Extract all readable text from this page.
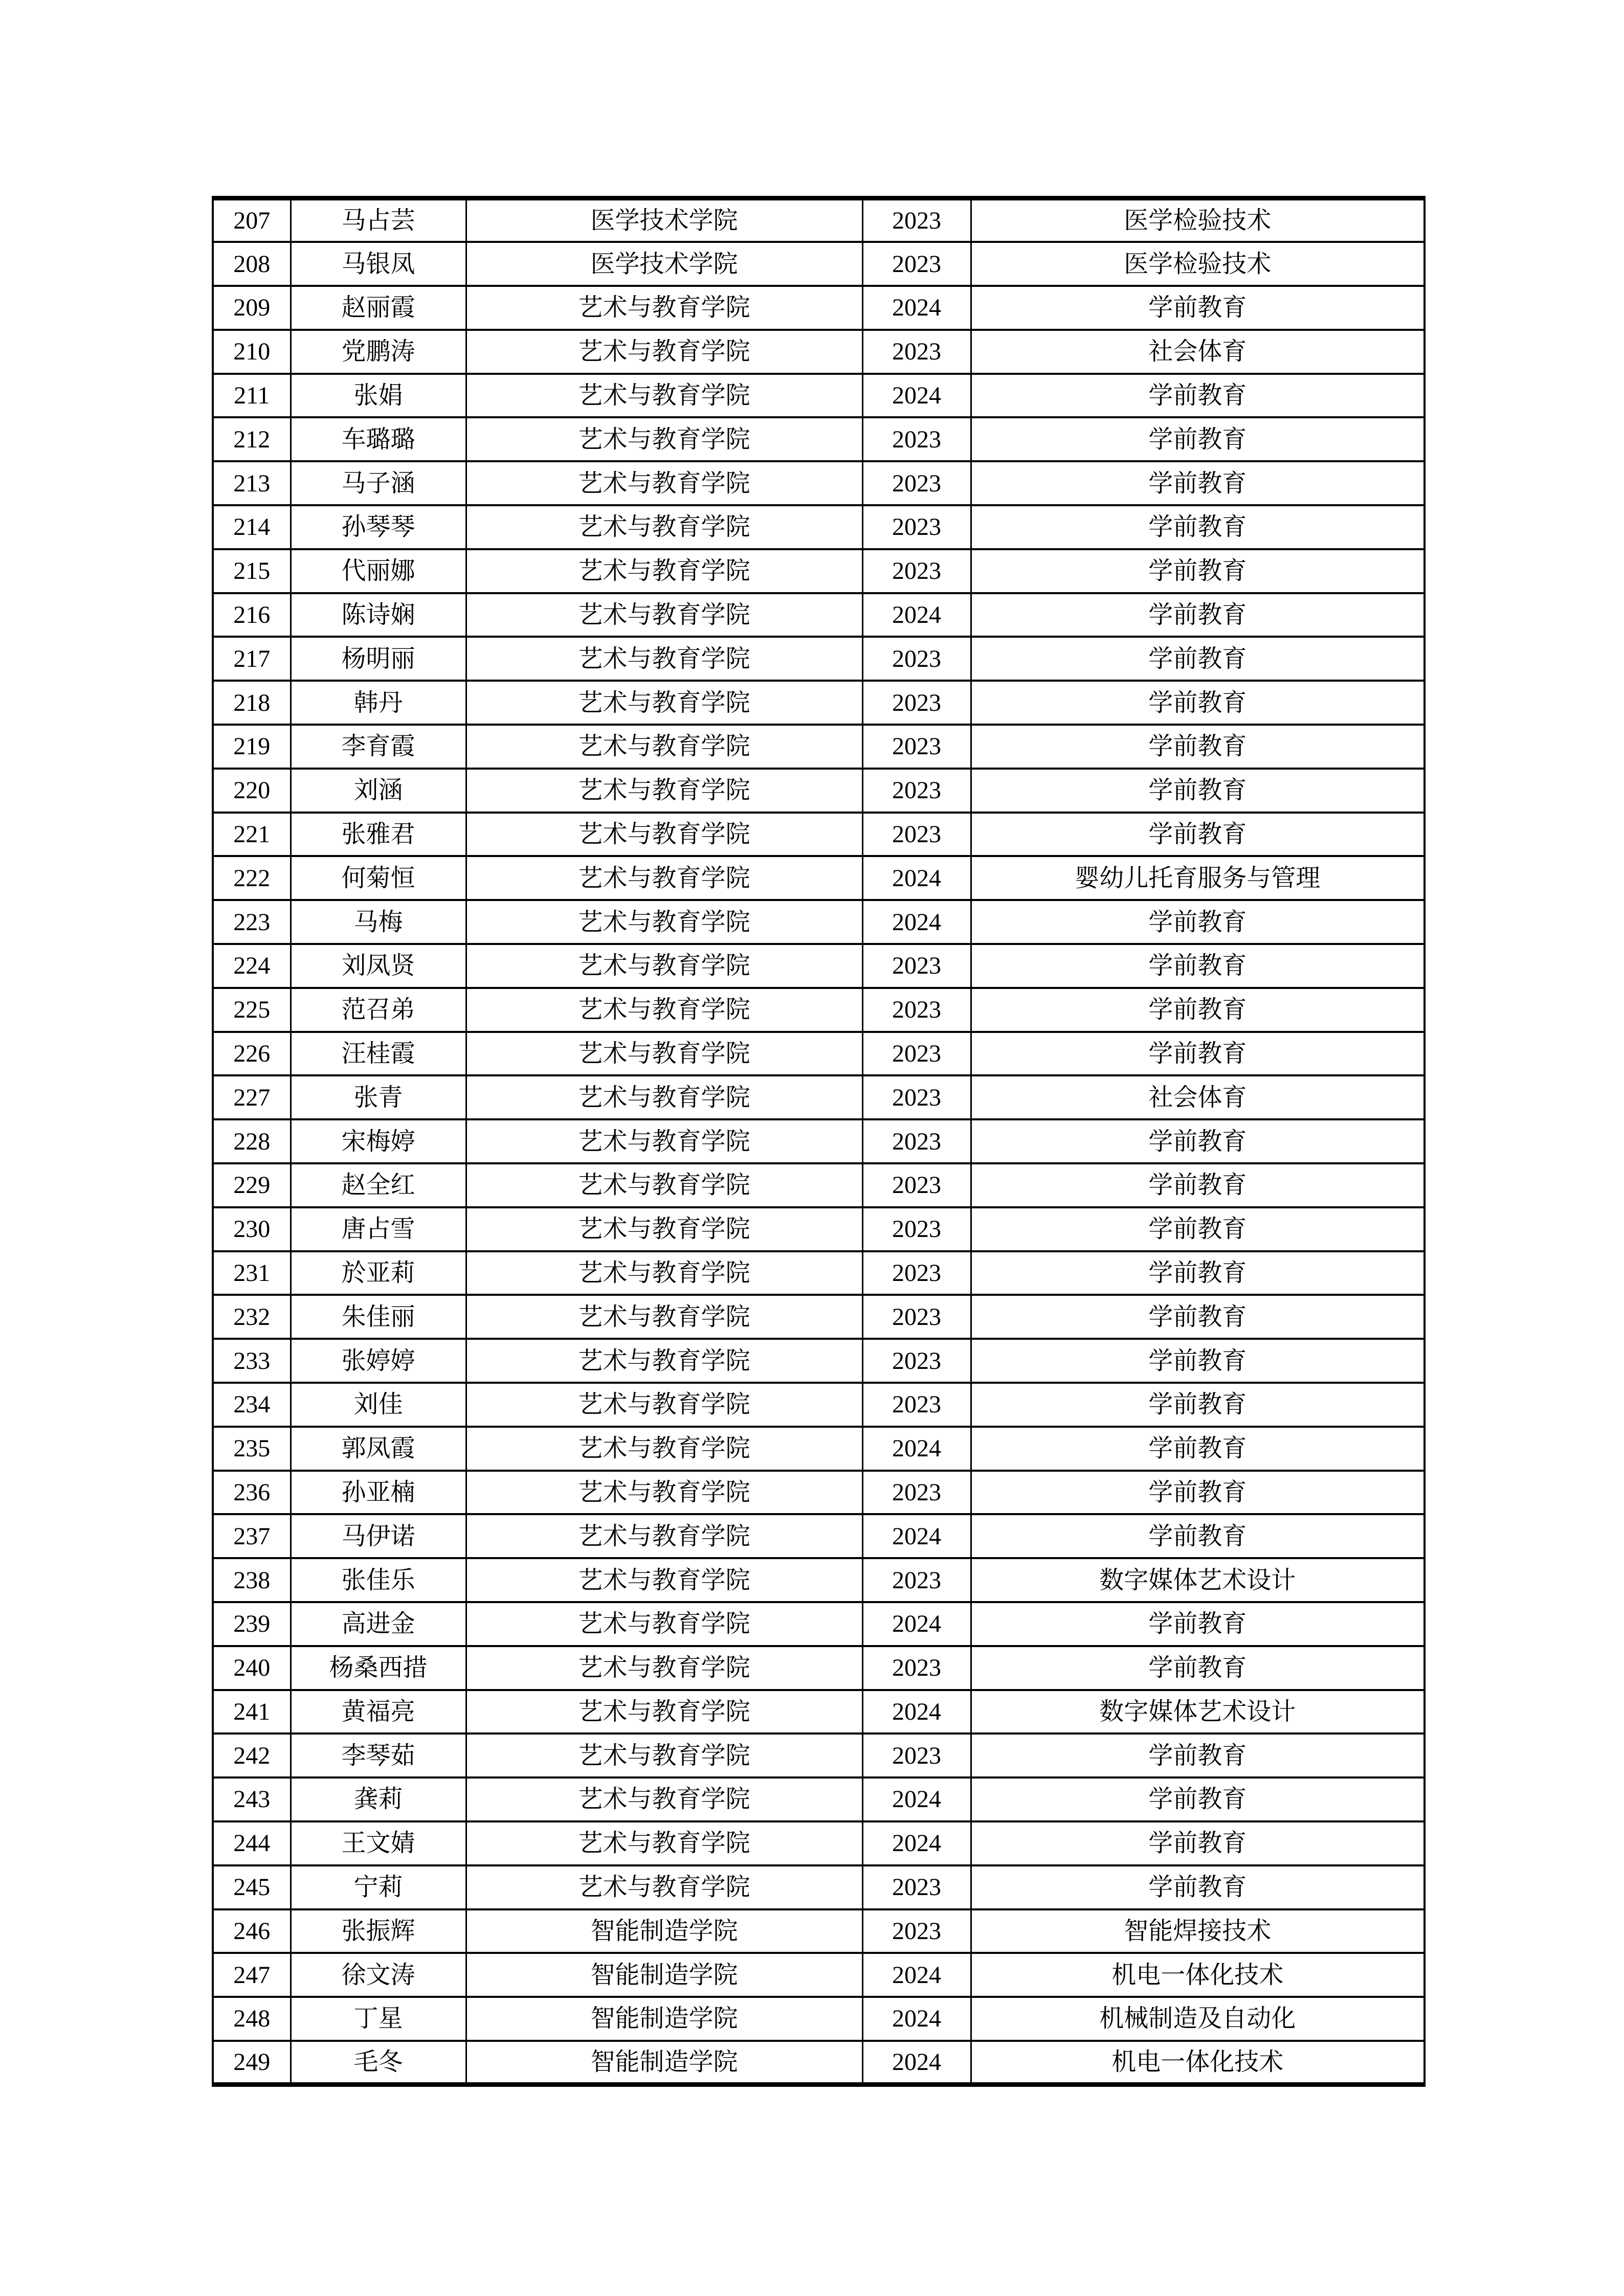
207	马占芸	医学技术学院	2023	医学检验技术
208	马银凤	医学技术学院	2023	医学检验技术
209	赵丽霞	艺术与教育学院	2024	学前教育
210	党鹏涛	艺术与教育学院	2023	社会体育
211	张娟	艺术与教育学院	2024	学前教育
212	车璐璐	艺术与教育学院	2023	学前教育
213	马子涵	艺术与教育学院	2023	学前教育
214	孙琴琴	艺术与教育学院	2023	学前教育
215	代丽娜	艺术与教育学院	2023	学前教育
216	陈诗娴	艺术与教育学院	2024	学前教育
217	杨明丽	艺术与教育学院	2023	学前教育
218	韩丹	艺术与教育学院	2023	学前教育
219	李育霞	艺术与教育学院	2023	学前教育
220	刘涵	艺术与教育学院	2023	学前教育
221	张雅君	艺术与教育学院	2023	学前教育
222	何菊恒	艺术与教育学院	2024	婴幼儿托育服务与管理
223	马梅	艺术与教育学院	2024	学前教育
224	刘凤贤	艺术与教育学院	2023	学前教育
225	范召弟	艺术与教育学院	2023	学前教育
226	汪桂霞	艺术与教育学院	2023	学前教育
227	张青	艺术与教育学院	2023	社会体育
228	宋梅婷	艺术与教育学院	2023	学前教育
229	赵全红	艺术与教育学院	2023	学前教育
230	唐占雪	艺术与教育学院	2023	学前教育
231	於亚莉	艺术与教育学院	2023	学前教育
232	朱佳丽	艺术与教育学院	2023	学前教育
233	张婷婷	艺术与教育学院	2023	学前教育
234	刘佳	艺术与教育学院	2023	学前教育
235	郭凤霞	艺术与教育学院	2024	学前教育
236	孙亚楠	艺术与教育学院	2023	学前教育
237	马伊诺	艺术与教育学院	2024	学前教育
238	张佳乐	艺术与教育学院	2023	数字媒体艺术设计
239	高进金	艺术与教育学院	2024	学前教育
240	杨桑西措	艺术与教育学院	2023	学前教育
241	黄福亮	艺术与教育学院	2024	数字媒体艺术设计
242	李琴茹	艺术与教育学院	2023	学前教育
243	龚莉	艺术与教育学院	2024	学前教育
244	王文婧	艺术与教育学院	2024	学前教育
245	宁莉	艺术与教育学院	2023	学前教育
246	张振辉	智能制造学院	2023	智能焊接技术
247	徐文涛	智能制造学院	2024	机电一体化技术
248	丁星	智能制造学院	2024	机械制造及自动化
249	毛冬	智能制造学院	2024	机电一体化技术
